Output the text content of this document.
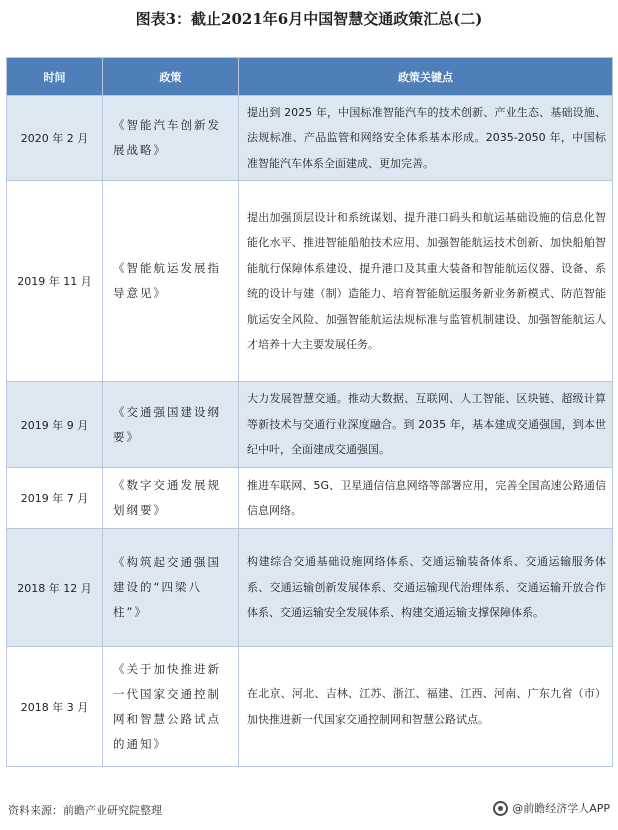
图表3：截止2021年6月中国智慧交通政策汇总(二)
时间	政策	政策关键点
2020 年 2 月	《智能汽车创新发展战略》	提出到 2025 年，中国标准智能汽车的技术创新、产业生态、基础设施、法规标准、产品监管和网络安全体系基本形成。2035-2050 年，中国标准智能汽车体系全面建成、更加完善。
2019 年 11 月	《智能航运发展指导意见》	提出加强顶层设计和系统谋划、提升港口码头和航运基础设施的信息化智能化水平、推进智能船舶技术应用、加强智能航运技术创新、加快船舶智能航行保障体系建设、提升港口及其重大装备和智能航运仪器、设备、系统的设计与建（制）造能力、培育智能航运服务新业务新模式、防范智能航运安全风险、加强智能航运法规标准与监管机制建设、加强智能航运人才培养十大主要发展任务。
2019 年 9 月	《交通强国建设纲要》	大力发展智慧交通。推动大数据、互联网、人工智能、区块链、超级计算等新技术与交通行业深度融合。到 2035 年，基本建成交通强国，到本世纪中叶，全面建成交通强国。
2019 年 7 月	《数字交通发展规划纲要》	推进车联网、5G、卫星通信信息网络等部署应用，完善全国高速公路通信信息网络。
2018 年 12 月	《构筑起交通强国建设的“四梁八柱”》	构建综合交通基础设施网络体系、交通运输装备体系、交通运输服务体系、交通运输创新发展体系、交通运输现代治理体系、交通运输开放合作体系、交通运输安全发展体系、构建交通运输支撑保障体系。
2018 年 3 月	《关于加快推进新一代国家交通控制网和智慧公路试点的通知》	在北京、河北、吉林、江苏、浙江、福建、江西、河南、广东九省（市）加快推进新一代国家交通控制网和智慧公路试点。
资料来源：前瞻产业研究院整理	@前瞻经济学人APP
